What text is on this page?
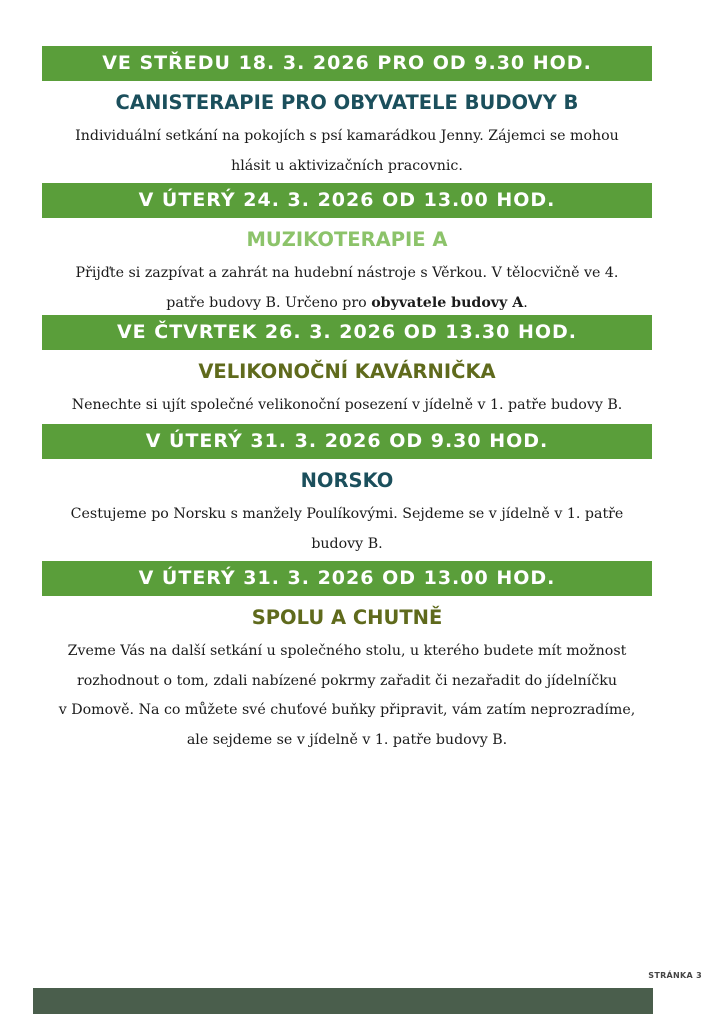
VE STŘEDU 18. 3. 2026 PRO OD 9.30 HOD.
CANISTERAPIE PRO OBYVATELE BUDOVY B
Individuální setkání na pokojích s psí kamarádkou Jenny. Zájemci se mohou
hlásit u aktivizačních pracovnic.
V ÚTERÝ 24. 3. 2026 OD 13.00 HOD.
MUZIKOTERAPIE A
Přijďte si zazpívat a zahrát na hudební nástroje s Věrkou. V tělocvičně ve 4.
patře budovy B. Určeno pro obyvatele budovy A.
VE ČTVRTEK 26. 3. 2026 OD 13.30 HOD.
VELIKONOČNÍ KAVÁRNIČKA
Nenechte si ujít společné velikonoční posezení v jídelně v 1. patře budovy B.
V ÚTERÝ 31. 3. 2026 OD 9.30 HOD.
NORSKO
Cestujeme po Norsku s manžely Poulíkovými. Sejdeme se v jídelně v 1. patře
budovy B.
V ÚTERÝ 31. 3. 2026 OD 13.00 HOD.
SPOLU A CHUTNĚ
Zveme Vás na další setkání u společného stolu, u kterého budete mít možnost
rozhodnout o tom, zdali nabízené pokrmy zařadit či nezařadit do jídelníčku
v Domově. Na co můžete své chuťové buňky připravit, vám zatím neprozradíme,
ale sejdeme se v jídelně v 1. patře budovy B.
STRÁNKA 3
